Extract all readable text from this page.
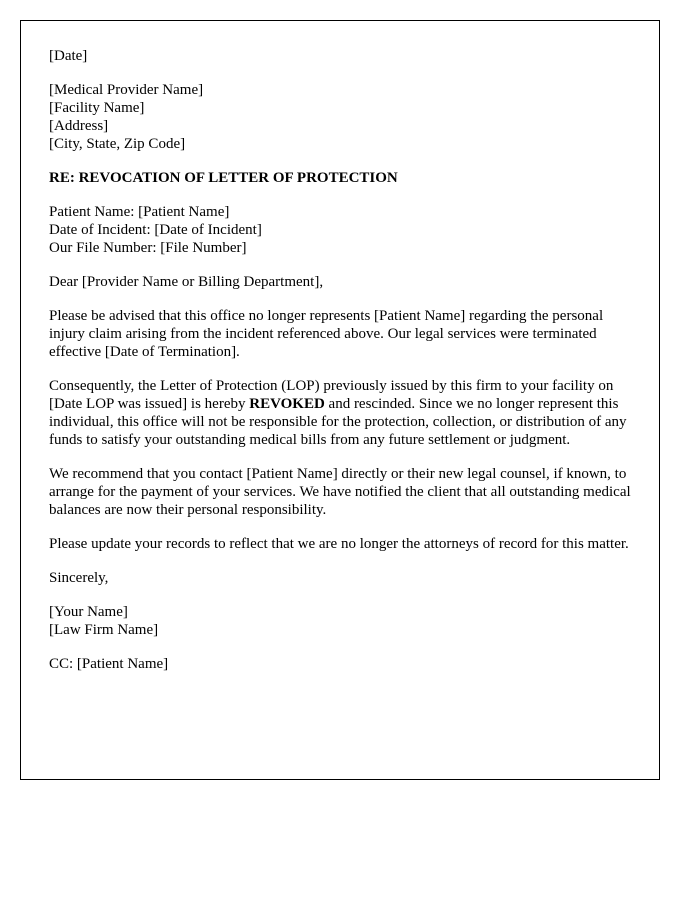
[Date]
[Medical Provider Name]
[Facility Name]
[Address]
[City, State, Zip Code]
RE: REVOCATION OF LETTER OF PROTECTION
Patient Name: [Patient Name]
Date of Incident: [Date of Incident]
Our File Number: [File Number]
Dear [Provider Name or Billing Department],

Please be advised that this office no longer represents [Patient Name] regarding the personal injury claim arising from the incident referenced above. Our legal services were terminated effective [Date of Termination].

Consequently, the Letter of Protection (LOP) previously issued by this firm to your facility on [Date LOP was issued] is hereby REVOKED and rescinded. Since we no longer represent this individual, this office will not be responsible for the protection, collection, or distribution of any funds to satisfy your outstanding medical bills from any future settlement or judgment.

We recommend that you contact [Patient Name] directly or their new legal counsel, if known, to arrange for the payment of your services. We have notified the client that all outstanding medical balances are now their personal responsibility.

Please update your records to reflect that we are no longer the attorneys of record for this matter.

Sincerely,
[Your Name]
[Law Firm Name]
CC: [Patient Name]
